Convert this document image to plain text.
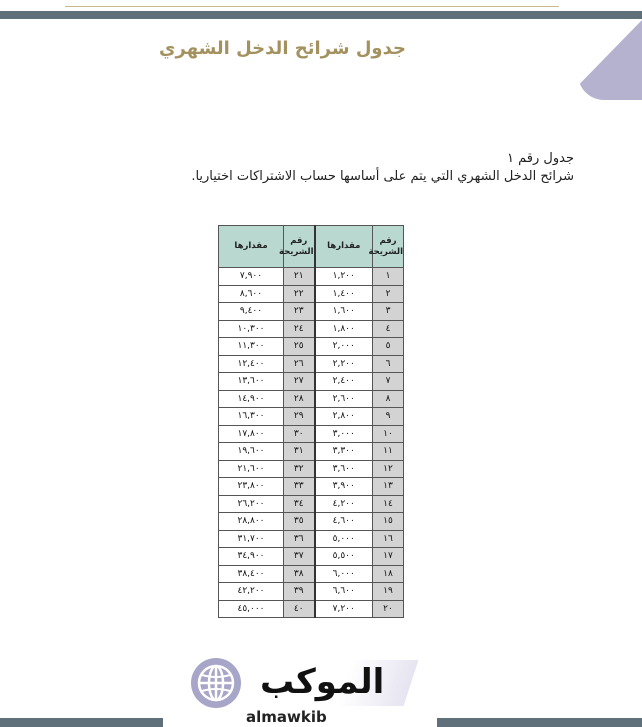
جدول شرائح الدخل الشهري
جدول رقم ١
شرائح الدخل الشهري التي يتم على أساسها حساب الاشتراكات اختياريا.
رقم الشريحة	مقدارها	رقم الشريحة	مقدارها
١	١,٢٠٠	٢١	٧,٩٠٠
٢	١,٤٠٠	٢٢	٨,٦٠٠
٣	١,٦٠٠	٢٣	٩,٤٠٠
٤	١,٨٠٠	٢٤	١٠,٣٠٠
٥	٢,٠٠٠	٢٥	١١,٣٠٠
٦	٢,٢٠٠	٢٦	١٢,٤٠٠
٧	٢,٤٠٠	٢٧	١٣,٦٠٠
٨	٢,٦٠٠	٢٨	١٤,٩٠٠
٩	٢,٨٠٠	٢٩	١٦,٣٠٠
١٠	٣,٠٠٠	٣٠	١٧,٨٠٠
١١	٣,٣٠٠	٣١	١٩,٦٠٠
١٢	٣,٦٠٠	٣٢	٢١,٦٠٠
١٣	٣,٩٠٠	٣٣	٢٣,٨٠٠
١٤	٤,٢٠٠	٣٤	٢٦,٢٠٠
١٥	٤,٦٠٠	٣٥	٢٨,٨٠٠
١٦	٥,٠٠٠	٣٦	٣١,٧٠٠
١٧	٥,٥٠٠	٣٧	٣٤,٩٠٠
١٨	٦,٠٠٠	٣٨	٣٨,٤٠٠
١٩	٦,٦٠٠	٣٩	٤٢,٢٠٠
٢٠	٧,٢٠٠	٤٠	٤٥,٠٠٠
الموكب
almawkib
